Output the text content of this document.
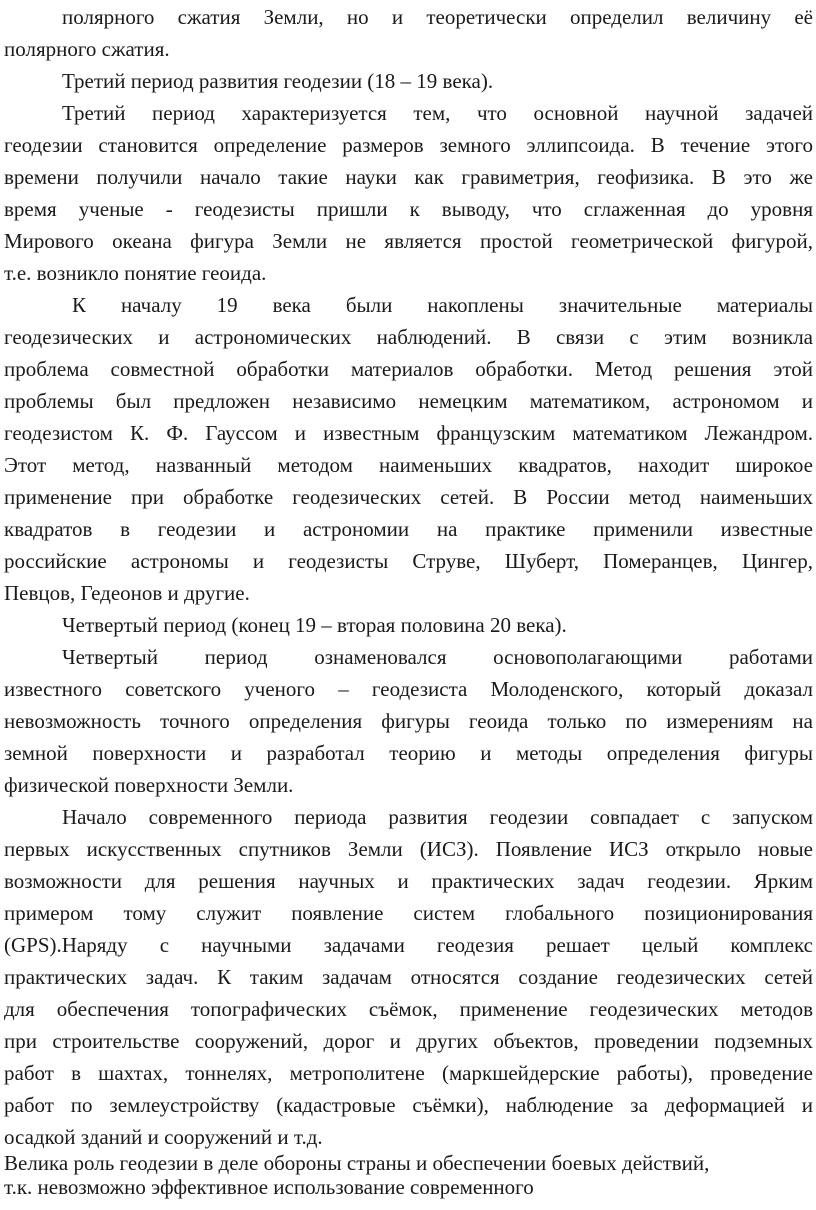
полярного сжатия Земли, но и теоретически определил величину её
полярного сжатия.
Третий период развития геодезии (18 – 19 века).
Третий период характеризуется тем, что основной научной задачей
геодезии становится определение размеров земного эллипсоида. В течение этого
времени получили начало такие науки как гравиметрия, геофизика. В это же
время ученые - геодезисты пришли к выводу, что сглаженная до уровня
Мирового океана фигура Земли не является простой геометрической фигурой,
т.е. возникло понятие геоида.
К началу 19 века были накоплены значительные материалы
геодезических и астрономических наблюдений. В связи с этим возникла
проблема совместной обработки материалов обработки. Метод решения этой
проблемы был предложен независимо немецким математиком, астрономом и
геодезистом К. Ф. Гауссом и известным французским математиком Лежандром.
Этот метод, названный методом наименьших квадратов, находит широкое
применение при обработке геодезических сетей. В России метод наименьших
квадратов в геодезии и астрономии на практике применили известные
российские астрономы и геодезисты Струве, Шуберт, Померанцев, Цингер,
Певцов, Гедеонов и другие.
Четвертый период (конец 19 – вторая половина 20 века).
Четвертый период ознаменовался основополагающими работами
известного советского ученого – геодезиста Молоденского, который доказал
невозможность точного определения фигуры геоида только по измерениям на
земной поверхности и разработал теорию и методы определения фигуры
физической поверхности Земли.
Начало современного периода развития геодезии совпадает с запуском
первых искусственных спутников Земли (ИСЗ). Появление ИСЗ открыло новые
возможности для решения научных и практических задач геодезии. Ярким
примером тому служит появление систем глобального позиционирования
(GPS).Наряду с научными задачами геодезия решает целый комплекс
практических задач. К таким задачам относятся создание геодезических сетей
для обеспечения топографических съёмок, применение геодезических методов
при строительстве сооружений, дорог и других объектов, проведении подземных
работ в шахтах, тоннелях, метрополитене (маркшейдерские работы), проведение
работ по землеустройству (кадастровые съёмки), наблюдение за деформацией и
осадкой зданий и сооружений и т.д.
Велика роль геодезии в деле обороны страны и обеспечении боевых действий,
т.к. невозможно эффективное использование современного
